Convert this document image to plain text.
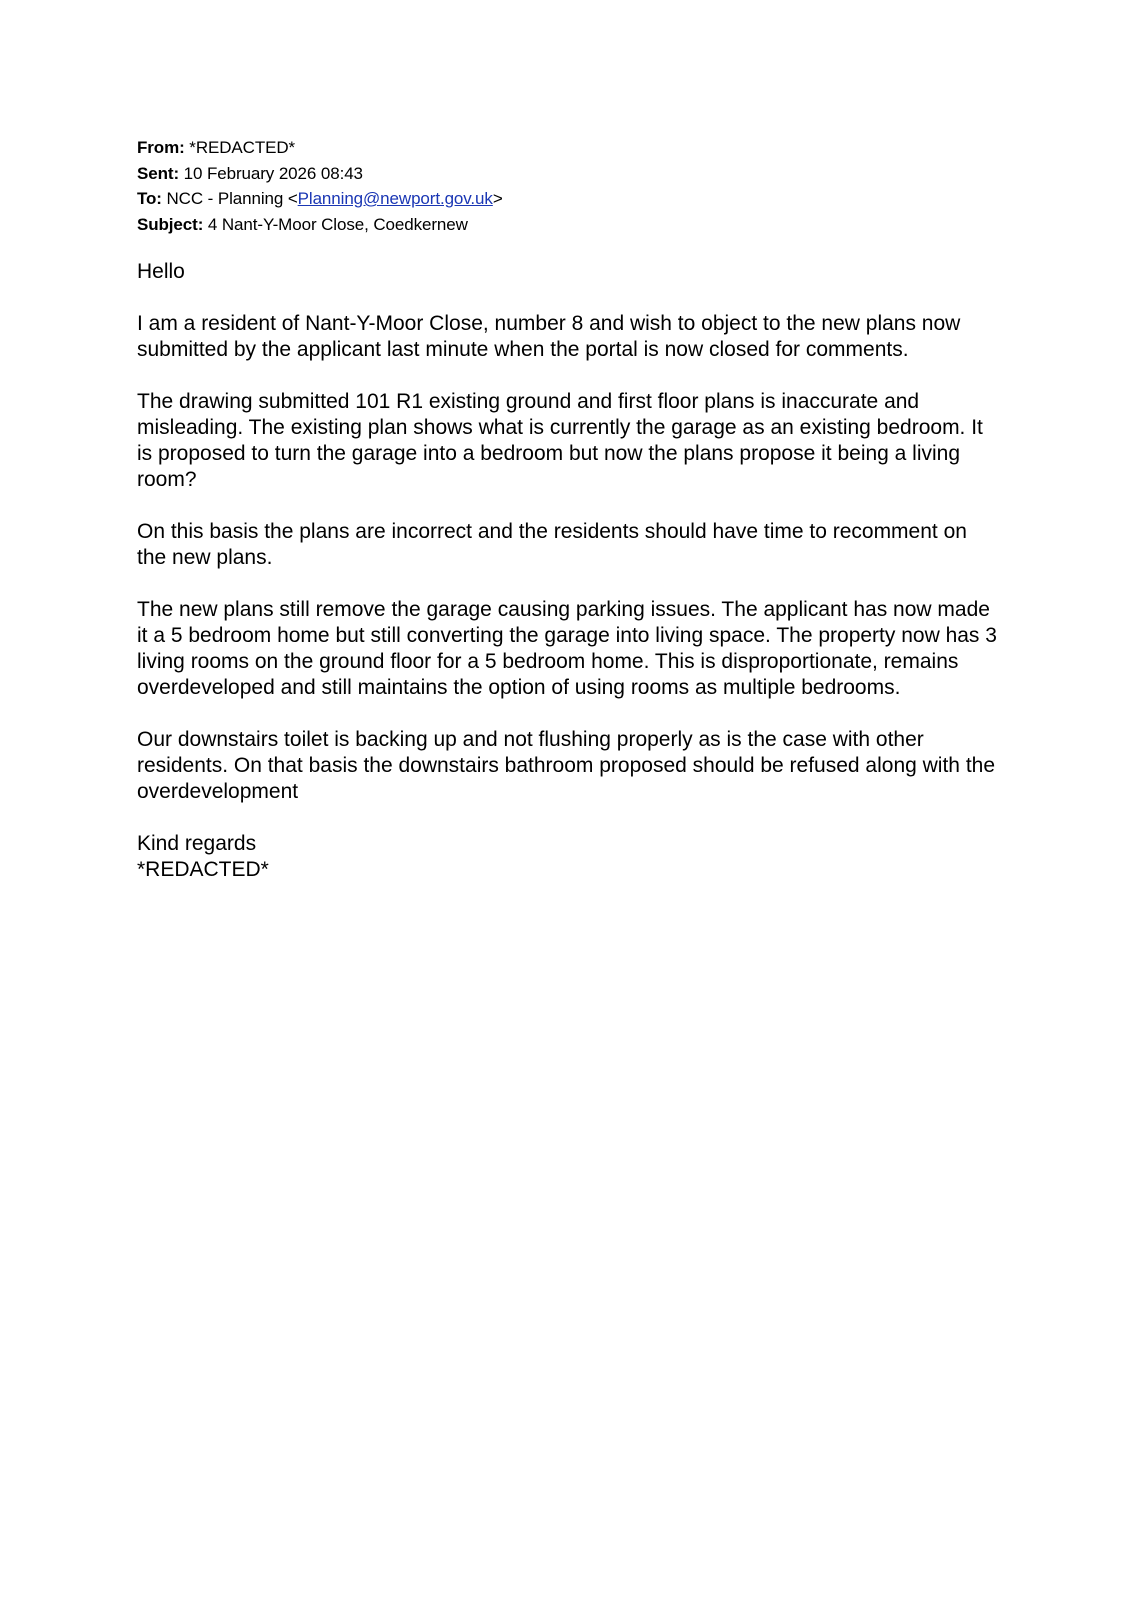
From: *REDACTED*
Sent: 10 February 2026 08:43
To: NCC - Planning <Planning@newport.gov.uk>
Subject: 4 Nant-Y-Moor Close, Coedkernew

Hello

I am a resident of Nant-Y-Moor Close, number 8 and wish to object to the new plans now submitted by the applicant last minute when the portal is now closed for comments.

The drawing submitted 101 R1 existing ground and first floor plans is inaccurate and misleading. The existing plan shows what is currently the garage as an existing bedroom. It is proposed to turn the garage into a bedroom but now the plans propose it being a living room?

On this basis the plans are incorrect and the residents should have time to recomment on the new plans.

The new plans still remove the garage causing parking issues. The applicant has now made it a 5 bedroom home but still converting the garage into living space. The property now has 3 living rooms on the ground floor for a 5 bedroom home. This is disproportionate, remains overdeveloped and still maintains the option of using rooms as multiple bedrooms.

Our downstairs toilet is backing up and not flushing properly as is the case with other residents. On that basis the downstairs bathroom proposed should be refused along with the overdevelopment

Kind regards

*REDACTED*
